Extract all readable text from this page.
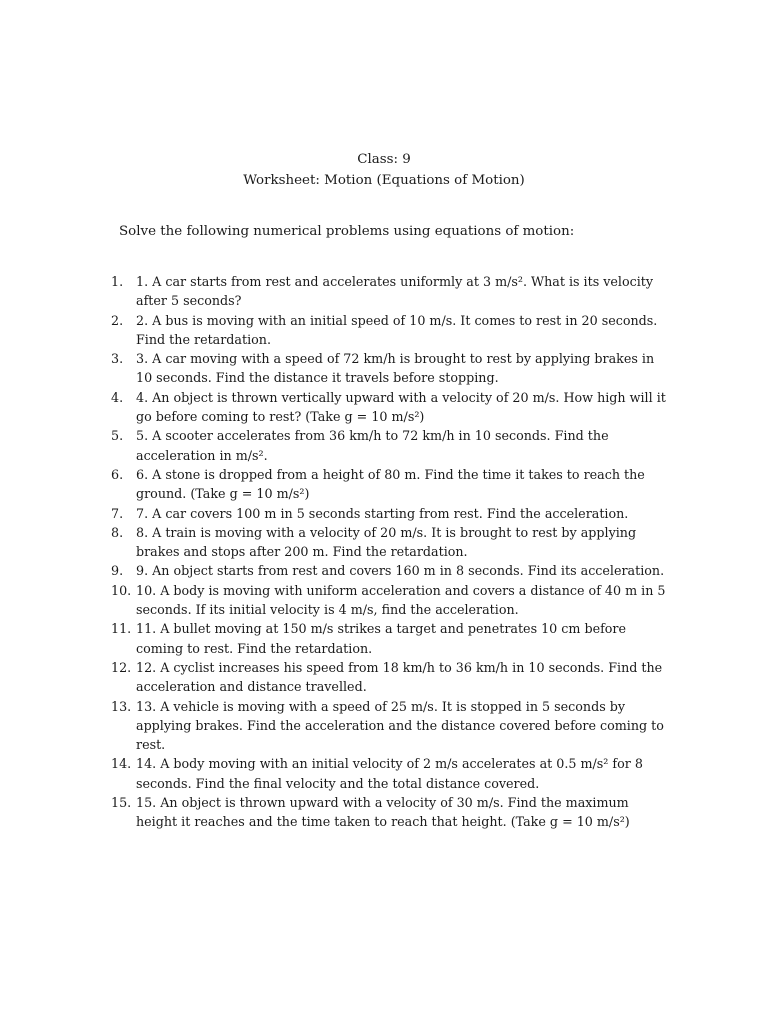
Class: 9
Worksheet: Motion (Equations of Motion)
Solve the following numerical problems using equations of motion:
1. 1. A car starts from rest and accelerates uniformly at 3 m/s². What is its velocity after 5 seconds?
2. 2. A bus is moving with an initial speed of 10 m/s. It comes to rest in 20 seconds. Find the retardation.
3. 3. A car moving with a speed of 72 km/h is brought to rest by applying brakes in 10 seconds. Find the distance it travels before stopping.
4. 4. An object is thrown vertically upward with a velocity of 20 m/s. How high will it go before coming to rest? (Take g = 10 m/s²)
5. 5. A scooter accelerates from 36 km/h to 72 km/h in 10 seconds. Find the acceleration in m/s².
6. 6. A stone is dropped from a height of 80 m. Find the time it takes to reach the ground. (Take g = 10 m/s²)
7. 7. A car covers 100 m in 5 seconds starting from rest. Find the acceleration.
8. 8. A train is moving with a velocity of 20 m/s. It is brought to rest by applying brakes and stops after 200 m. Find the retardation.
9. 9. An object starts from rest and covers 160 m in 8 seconds. Find its acceleration.
10. 10. A body is moving with uniform acceleration and covers a distance of 40 m in 5 seconds. If its initial velocity is 4 m/s, find the acceleration.
11. 11. A bullet moving at 150 m/s strikes a target and penetrates 10 cm before coming to rest. Find the retardation.
12. 12. A cyclist increases his speed from 18 km/h to 36 km/h in 10 seconds. Find the acceleration and distance travelled.
13. 13. A vehicle is moving with a speed of 25 m/s. It is stopped in 5 seconds by applying brakes. Find the acceleration and the distance covered before coming to rest.
14. 14. A body moving with an initial velocity of 2 m/s accelerates at 0.5 m/s² for 8 seconds. Find the final velocity and the total distance covered.
15. 15. An object is thrown upward with a velocity of 30 m/s. Find the maximum height it reaches and the time taken to reach that height. (Take g = 10 m/s²)
